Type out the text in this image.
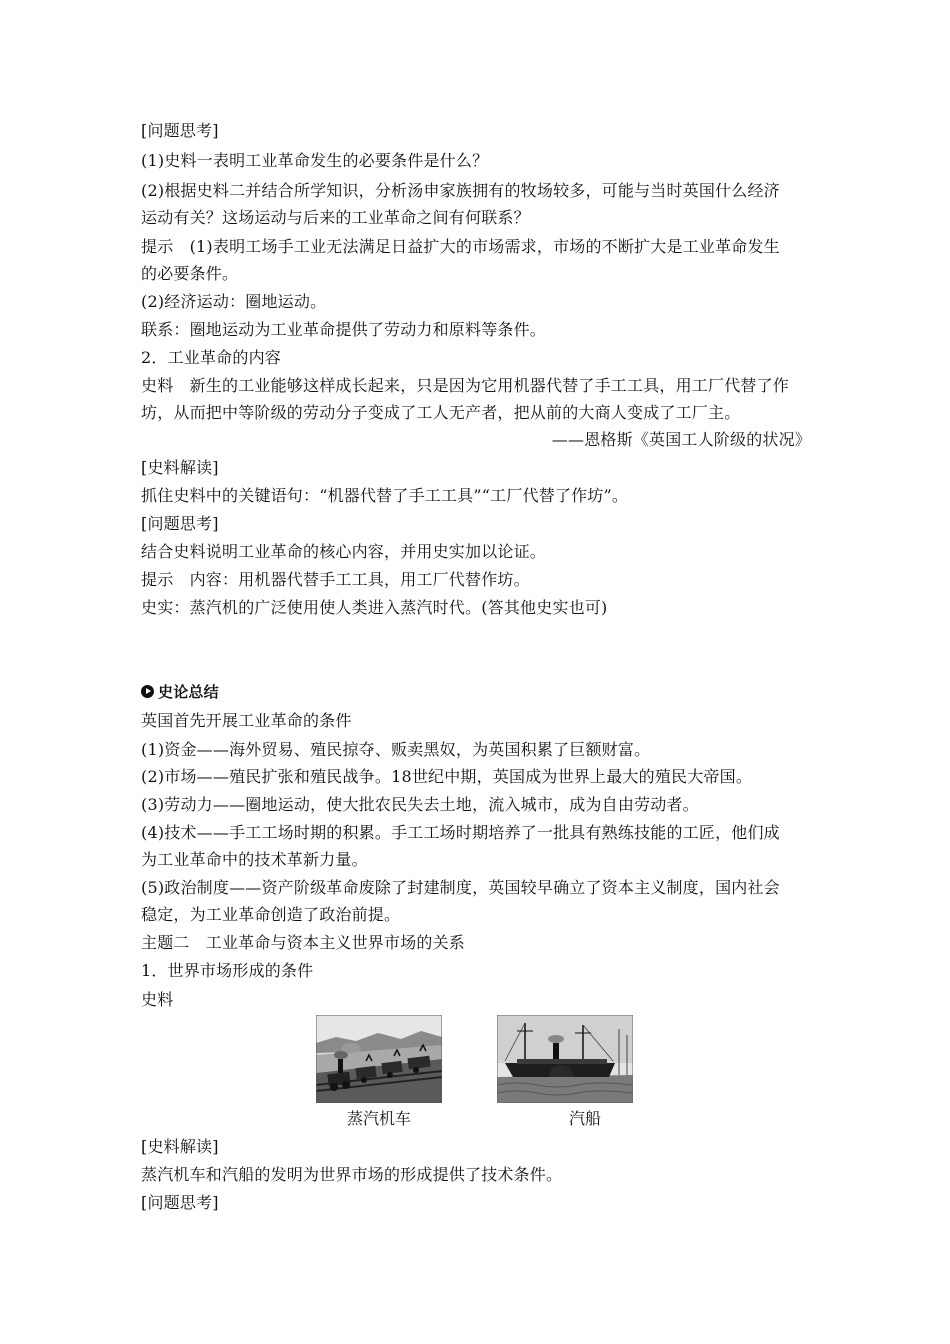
[问题思考]
(1)史料一表明工业革命发生的必要条件是什么？
(2)根据史料二并结合所学知识，分析汤申家族拥有的牧场较多，可能与当时英国什么经济
运动有关？这场运动与后来的工业革命之间有何联系？
提示　(1)表明工场手工业无法满足日益扩大的市场需求，市场的不断扩大是工业革命发生
的必要条件。
(2)经济运动：圈地运动。
联系：圈地运动为工业革命提供了劳动力和原料等条件。
2．工业革命的内容
史料　新生的工业能够这样成长起来，只是因为它用机器代替了手工工具，用工厂代替了作
坊，从而把中等阶级的劳动分子变成了工人无产者，把从前的大商人变成了工厂主。
——恩格斯《英国工人阶级的状况》
[史料解读]
抓住史料中的关键语句：“机器代替了手工工具”“工厂代替了作坊”。
[问题思考]
结合史料说明工业革命的核心内容，并用史实加以论证。
提示　内容：用机器代替手工工具，用工厂代替作坊。
史实：蒸汽机的广泛使用使人类进入蒸汽时代。(答其他史实也可)
史论总结
英国首先开展工业革命的条件
(1)资金——海外贸易、殖民掠夺、贩卖黑奴，为英国积累了巨额财富。
(2)市场——殖民扩张和殖民战争。18世纪中期，英国成为世界上最大的殖民大帝国。
(3)劳动力——圈地运动，使大批农民失去土地，流入城市，成为自由劳动者。
(4)技术——手工工场时期的积累。手工工场时期培养了一批具有熟练技能的工匠，他们成
为工业革命中的技术革新力量。
(5)政治制度——资产阶级革命废除了封建制度，英国较早确立了资本主义制度，国内社会
稳定，为工业革命创造了政治前提。
主题二　工业革命与资本主义世界市场的关系
1．世界市场形成的条件
史料
蒸汽机车	汽船
[史料解读]
蒸汽机车和汽船的发明为世界市场的形成提供了技术条件。
[问题思考]
